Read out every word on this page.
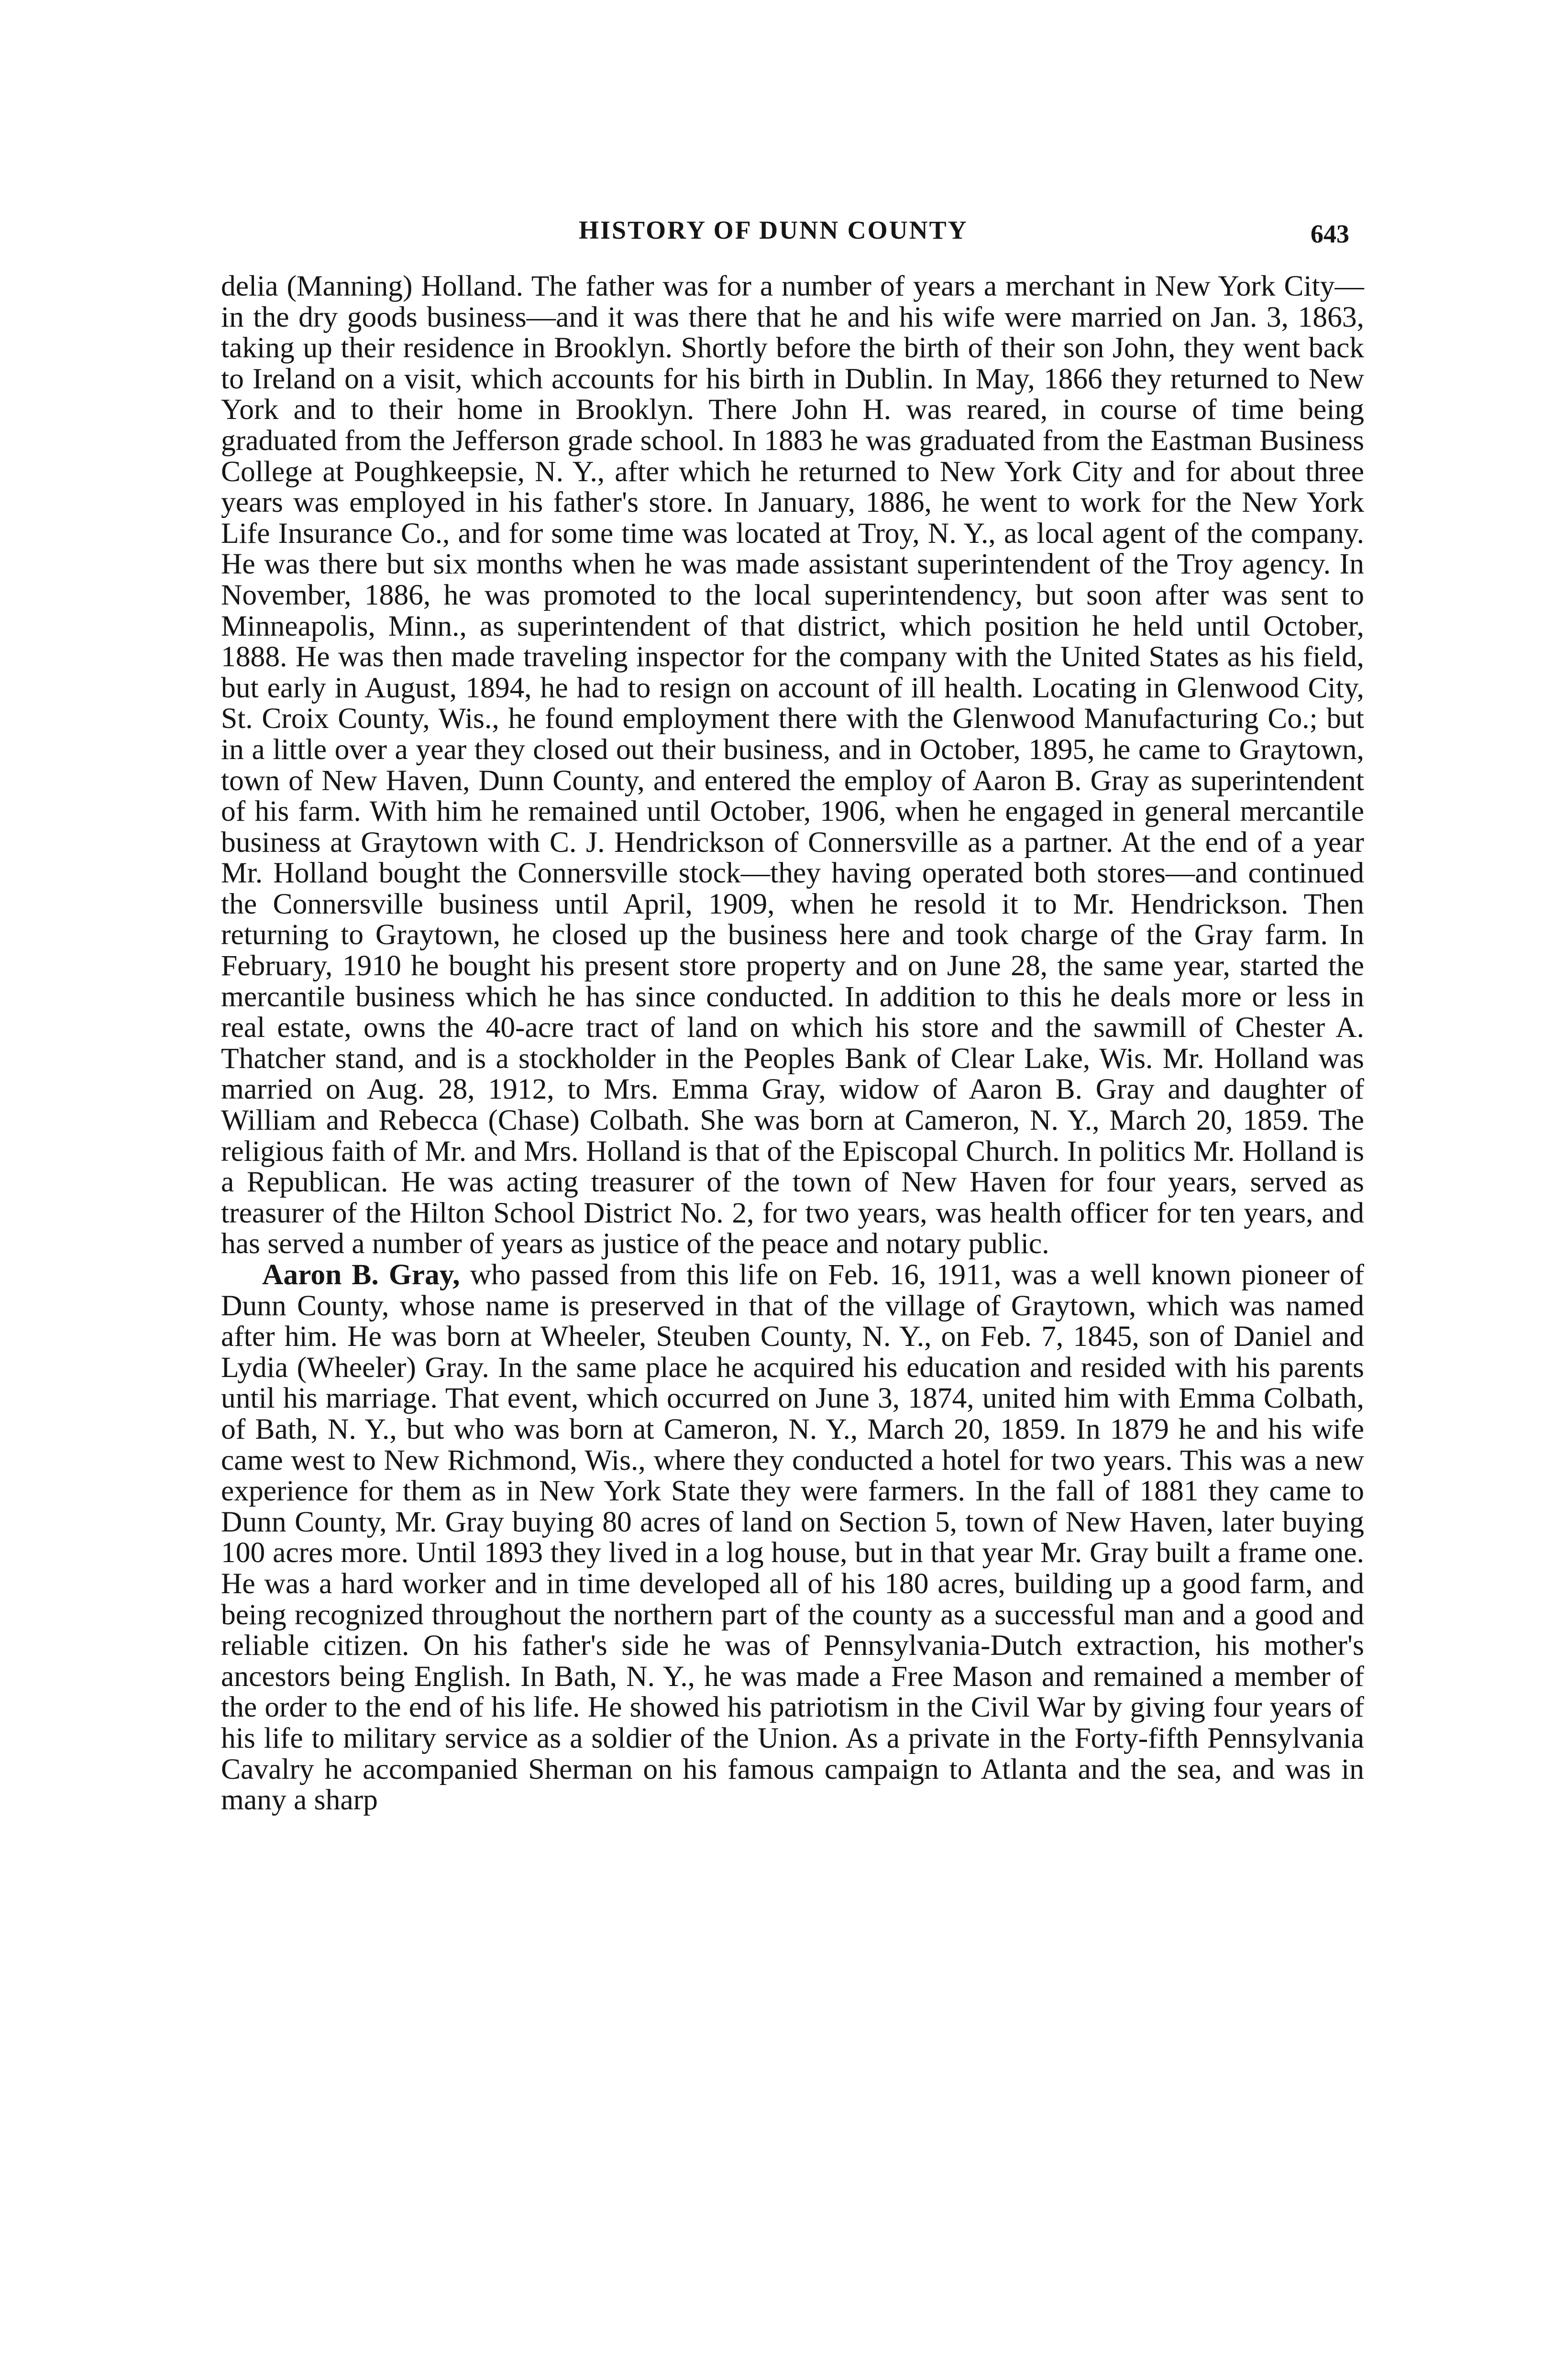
HISTORY OF DUNN COUNTY	643

delia (Manning) Holland. The father was for a number of years a merchant in New York City—in the dry goods business—and it was there that he and his wife were married on Jan. 3, 1863, taking up their residence in Brooklyn. Shortly before the birth of their son John, they went back to Ireland on a visit, which accounts for his birth in Dublin. In May, 1866 they returned to New York and to their home in Brooklyn. There John H. was reared, in course of time being graduated from the Jefferson grade school. In 1883 he was graduated from the Eastman Business College at Poughkeepsie, N. Y., after which he returned to New York City and for about three years was employed in his father's store. In January, 1886, he went to work for the New York Life Insurance Co., and for some time was located at Troy, N. Y., as local agent of the company. He was there but six months when he was made assistant superintendent of the Troy agency. In November, 1886, he was promoted to the local superintendency, but soon after was sent to Minneapolis, Minn., as superintendent of that district, which position he held until October, 1888. He was then made traveling inspector for the company with the United States as his field, but early in August, 1894, he had to resign on account of ill health. Locating in Glenwood City, St. Croix County, Wis., he found employment there with the Glenwood Manufacturing Co.; but in a little over a year they closed out their business, and in October, 1895, he came to Graytown, town of New Haven, Dunn County, and entered the employ of Aaron B. Gray as superintendent of his farm. With him he remained until October, 1906, when he engaged in general mercantile business at Graytown with C. J. Hendrickson of Connersville as a partner. At the end of a year Mr. Holland bought the Connersville stock—they having operated both stores—and continued the Connersville business until April, 1909, when he resold it to Mr. Hendrickson. Then returning to Graytown, he closed up the business here and took charge of the Gray farm. In February, 1910 he bought his present store property and on June 28, the same year, started the mercantile business which he has since conducted. In addition to this he deals more or less in real estate, owns the 40-acre tract of land on which his store and the sawmill of Chester A. Thatcher stand, and is a stockholder in the Peoples Bank of Clear Lake, Wis. Mr. Holland was married on Aug. 28, 1912, to Mrs. Emma Gray, widow of Aaron B. Gray and daughter of William and Rebecca (Chase) Colbath. She was born at Cameron, N. Y., March 20, 1859. The religious faith of Mr. and Mrs. Holland is that of the Episcopal Church. In politics Mr. Holland is a Republican. He was acting treasurer of the town of New Haven for four years, served as treasurer of the Hilton School District No. 2, for two years, was health officer for ten years, and has served a number of years as justice of the peace and notary public.

Aaron B. Gray, who passed from this life on Feb. 16, 1911, was a well known pioneer of Dunn County, whose name is preserved in that of the village of Graytown, which was named after him. He was born at Wheeler, Steuben County, N. Y., on Feb. 7, 1845, son of Daniel and Lydia (Wheeler) Gray. In the same place he acquired his education and resided with his parents until his marriage. That event, which occurred on June 3, 1874, united him with Emma Colbath, of Bath, N. Y., but who was born at Cameron, N. Y., March 20, 1859. In 1879 he and his wife came west to New Richmond, Wis., where they conducted a hotel for two years. This was a new experience for them as in New York State they were farmers. In the fall of 1881 they came to Dunn County, Mr. Gray buying 80 acres of land on Section 5, town of New Haven, later buying 100 acres more. Until 1893 they lived in a log house, but in that year Mr. Gray built a frame one. He was a hard worker and in time developed all of his 180 acres, building up a good farm, and being recognized throughout the northern part of the county as a successful man and a good and reliable citizen. On his father's side he was of Pennsylvania-Dutch extraction, his mother's ancestors being English. In Bath, N. Y., he was made a Free Mason and remained a member of the order to the end of his life. He showed his patriotism in the Civil War by giving four years of his life to military service as a soldier of the Union. As a private in the Forty-fifth Pennsylvania Cavalry he accompanied Sherman on his famous campaign to Atlanta and the sea, and was in many a sharp
